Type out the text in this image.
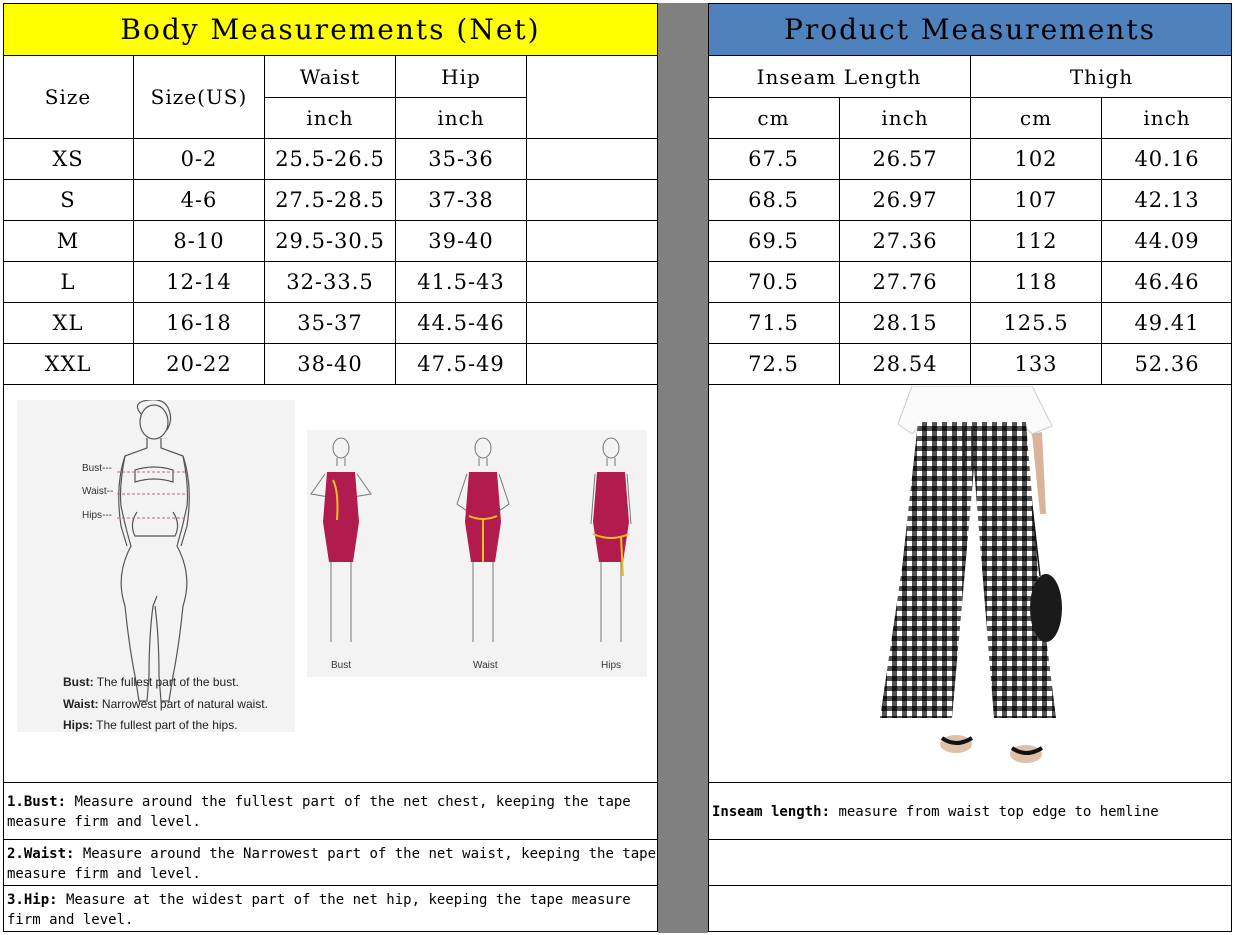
Body Measurements (Net)	Product Measurements
Size	Size(US)
Waist	Hip
inch	inch
Inseam Length	Thigh
cm	inch	cm	inch
XS	0-2	25.5-26.5	35-36	67.5	26.57	102	40.16
S	4-6	27.5-28.5	37-38	68.5	26.97	107	42.13
M	8-10	29.5-30.5	39-40	69.5	27.36	112	44.09
L	12-14	32-33.5	41.5-43	70.5	27.76	118	46.46
XL	16-18	35-37	44.5-46	71.5	28.15	125.5	49.41
XXL	20-22	38-40	47.5-49	72.5	28.54	133	52.36
Bust---
Waist--
Hips---
Bust: The fullest part of the bust.
Waist: Narrowest part of natural waist.
Hips: The fullest part of the hips.
Bust	Waist	Hips
1.Bust: Measure around the fullest part of the net chest, keeping the tape measure firm and level.
2.Waist: Measure around the Narrowest part of the net waist, keeping the tape measure firm and level.
3.Hip: Measure at the widest part of the net hip, keeping the tape measure firm and level.
Inseam length: measure from waist top edge to hemline
